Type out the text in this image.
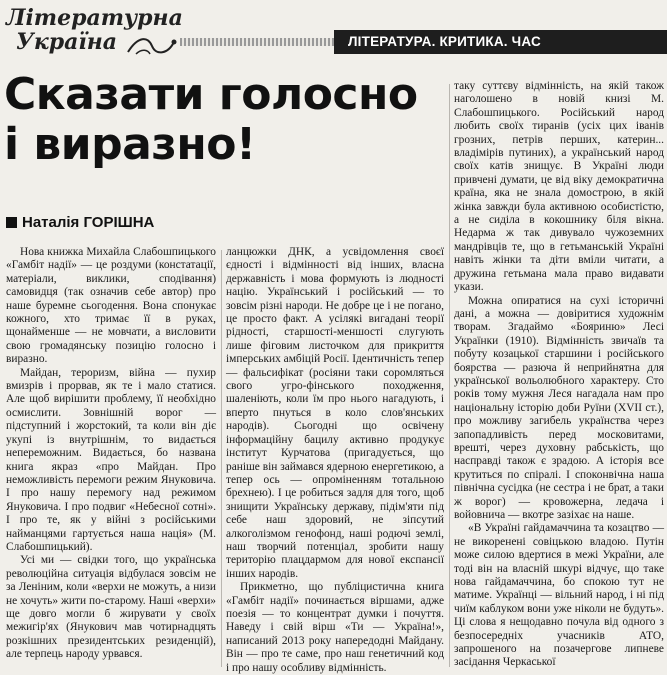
Літературна
Україна	ЛІТЕРАТУРА. КРИТИКА. ЧАС
Сказати голосно
і виразно!
Наталія ГОРІШНА

Нова книжка Михайла Слабошпицького «Гамбіт надії» — це роздуми (констатації, матеріали, виклики, сподівання) самовидця (так означив себе автор) про наше буремне сьогодення. Вона спонукає кожного, хто тримає її в руках, щонайменше — не мовчати, а висловити свою громадянську позицію голосно і виразно.

Майдан, тероризм, війна — пухир вмизрів і прорвав, як те і мало статися. Але щоб вирішити проблему, її необхідно осмислити. Зовнішній ворог — підступний і жорстокий, та коли він діє укупі із внутрішнім, то видається непереможним. Видається, бо названа книга якраз «про Майдан. Про неможливість перемоги режим Януковича. І про нашу перемогу над режимом Януковича. І про подвиг «Небесної сотні». І про те, як у війні з російськими найманцями гартується наша нація» (М. Слабошпицький).

Усі ми — свідки того, що українська революційна ситуація відбулася зовсім не за Леніним, коли «верхи не можуть, а низи не хочуть» жити по-старому. Наші «верхи» ще довго могли б жирувати у своїх межигір'ях (Янукович мав чотирнадцять розкішних президентських резиденцій), але терпець народу урвався.

ланцюжки ДНК, а усвідомлення своєї єдності і відмінності від інших, власна державність і мова формують із людності націю. Український і російський — то зовсім різні народи. Не добре це і не погано, це просто факт. А усілякі вигадані теорії рідності, старшості-меншості слугують лише фіговим листочком для прикриття імперських амбіцій Росії. Ідентичність тепер — фальсифікат (росіяни таки соромляться свого угро-фінського походження, шаленіють, коли їм про нього нагадують, і вперто пнуться в коло слов'янських народів). Сьогодні що освічену інформаційну бацилу активно продукує інститут Курчатова (пригадується, що раніше він займався ядерною енергетикою, а тепер ось — опроміненням тотальною брехнею). І це робиться задля для того, щоб знищити Українську державу, підім'яти під себе наш здоровий, не зіпсутий алкоголізмом генофонд, наші родючі землі, наш творчий потенціал, зробити нашу територію плацдармом для нової експансії інших народів.

Прикметно, що публіцистична книга «Гамбіт надії» починається віршами, адже поезія — то концентрат думки і почуття. Наведу і свій вірш «Ти — Україна!», написаний 2013 року напередодні Майдану. Він — про те саме, про наш генетичний код і про нашу особливу відмінність.

таку суттєву відмінність, на якій також наголошено в новій книзі М. Слабошпицького. Російський народ любить своїх тиранів (усіх цих іванів грозних, петрів перших, катерин... владімірів путиних), а український народ своїх катів знищує. В Україні люди привчені думати, це від віку демократична країна, яка не знала домострою, в якій жінка завжди була активною особистістю, а не сиділа в кокошнику біля вікна. Недарма ж так дивувало чужоземних мандрівців те, що в гетьманській Україні навіть жінки та діти вміли читати, а дружина гетьмана мала право видавати укази.

Можна опиратися на сухі історичні дані, а можна — довіритися художнім творам. Згадаймо «Бояриню» Лесі Українки (1910). Відмінність звичаїв та побуту козацької старшини і російського боярства — разюча й неприйнятна для української вольолюбного характеру. Сто років тому мужня Леся нагадала нам про національну історію доби Руїни (XVII ст.), про можливу загибель українства через запопадливість перед московитами, врешті, через духовну рабськість, що насправді також є зрадою. А історія все крутиться по спіралі. І споконвічна наша північна сусідка (не сестра і не брат, а таки ж ворог) — кровожерна, ледача і войовнича — вкотре зазіхає на наше.

«В Україні гайдамаччина та козацтво — не викоренені совіцькою владою. Путін може силою вдертися в межі України, але тоді він на власній шкурі відчує, що таке нова гайдамаччина, бо спокою тут не матиме. Українці — вільний народ, і ні під чиїм каблуком вони уже ніколи не будуть». Ці слова я нещодавно почула від одного з безпосередніх учасників АТО, запрошеного на позачергове липневе засідання Черкаської
